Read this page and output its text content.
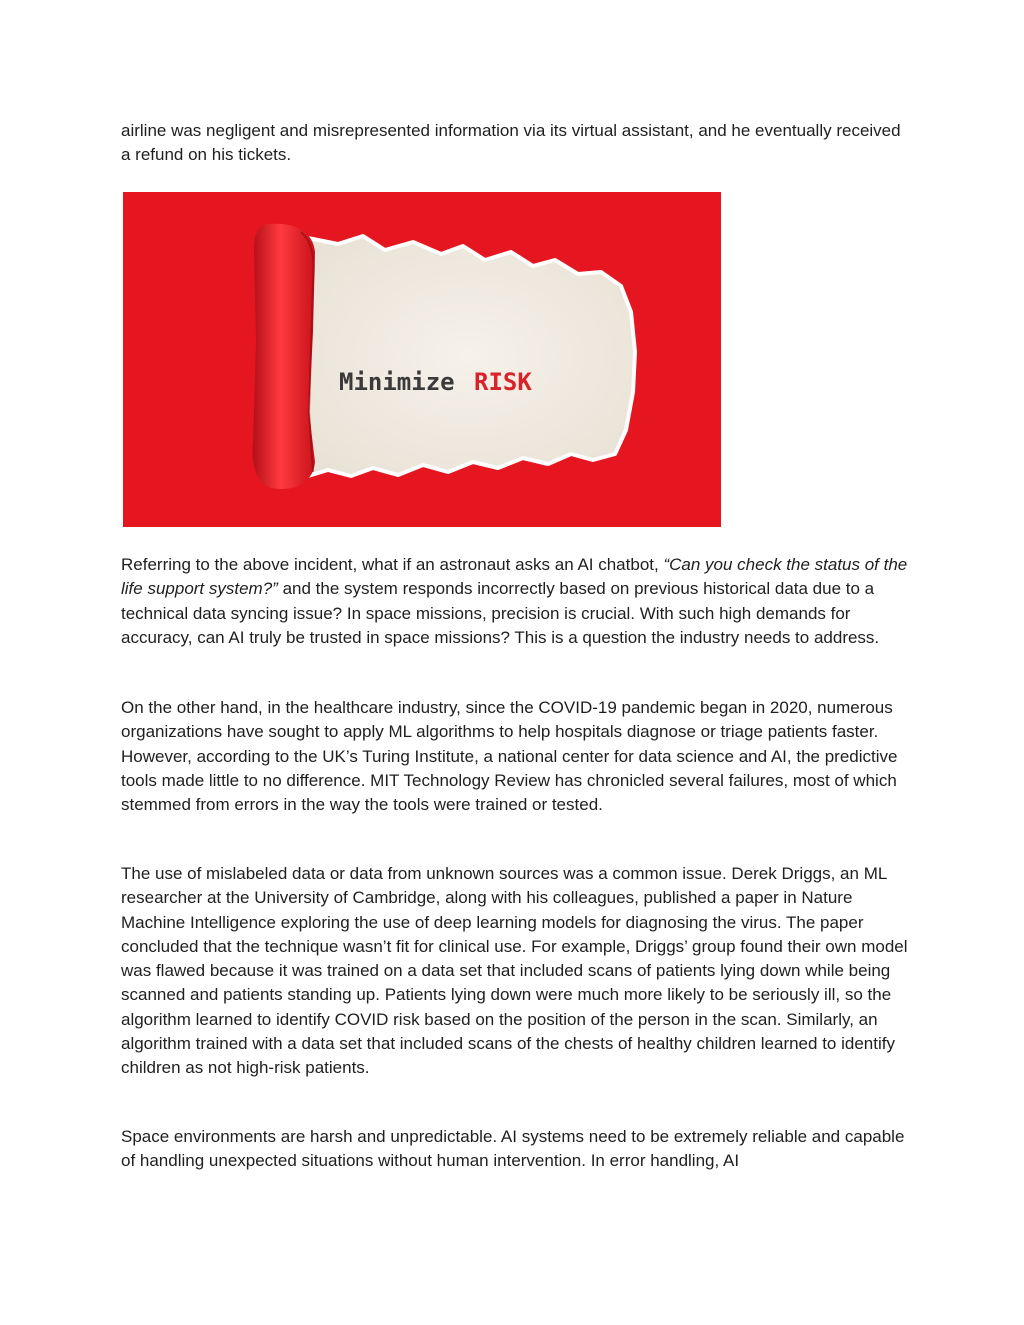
airline was negligent and misrepresented information via its virtual assistant, and he eventually received a refund on his tickets.

Minimize RISK

Referring to the above incident, what if an astronaut asks an AI chatbot, “Can you check the status of the life support system?” and the system responds incorrectly based on previous historical data due to a technical data syncing issue? In space missions, precision is crucial. With such high demands for accuracy, can AI truly be trusted in space missions? This is a question the industry needs to address.

On the other hand, in the healthcare industry, since the COVID-19 pandemic began in 2020, numerous organizations have sought to apply ML algorithms to help hospitals diagnose or triage patients faster. However, according to the UK’s Turing Institute, a national center for data science and AI, the predictive tools made little to no difference. MIT Technology Review has chronicled several failures, most of which stemmed from errors in the way the tools were trained or tested.

The use of mislabeled data or data from unknown sources was a common issue. Derek Driggs, an ML researcher at the University of Cambridge, along with his colleagues, published a paper in Nature Machine Intelligence exploring the use of deep learning models for diagnosing the virus. The paper concluded that the technique wasn’t fit for clinical use. For example, Driggs’ group found their own model was flawed because it was trained on a data set that included scans of patients lying down while being scanned and patients standing up. Patients lying down were much more likely to be seriously ill, so the algorithm learned to identify COVID risk based on the position of the person in the scan. Similarly, an algorithm trained with a data set that included scans of the chests of healthy children learned to identify children as not high-risk patients.

Space environments are harsh and unpredictable. AI systems need to be extremely reliable and capable of handling unexpected situations without human intervention. In error handling, AI
